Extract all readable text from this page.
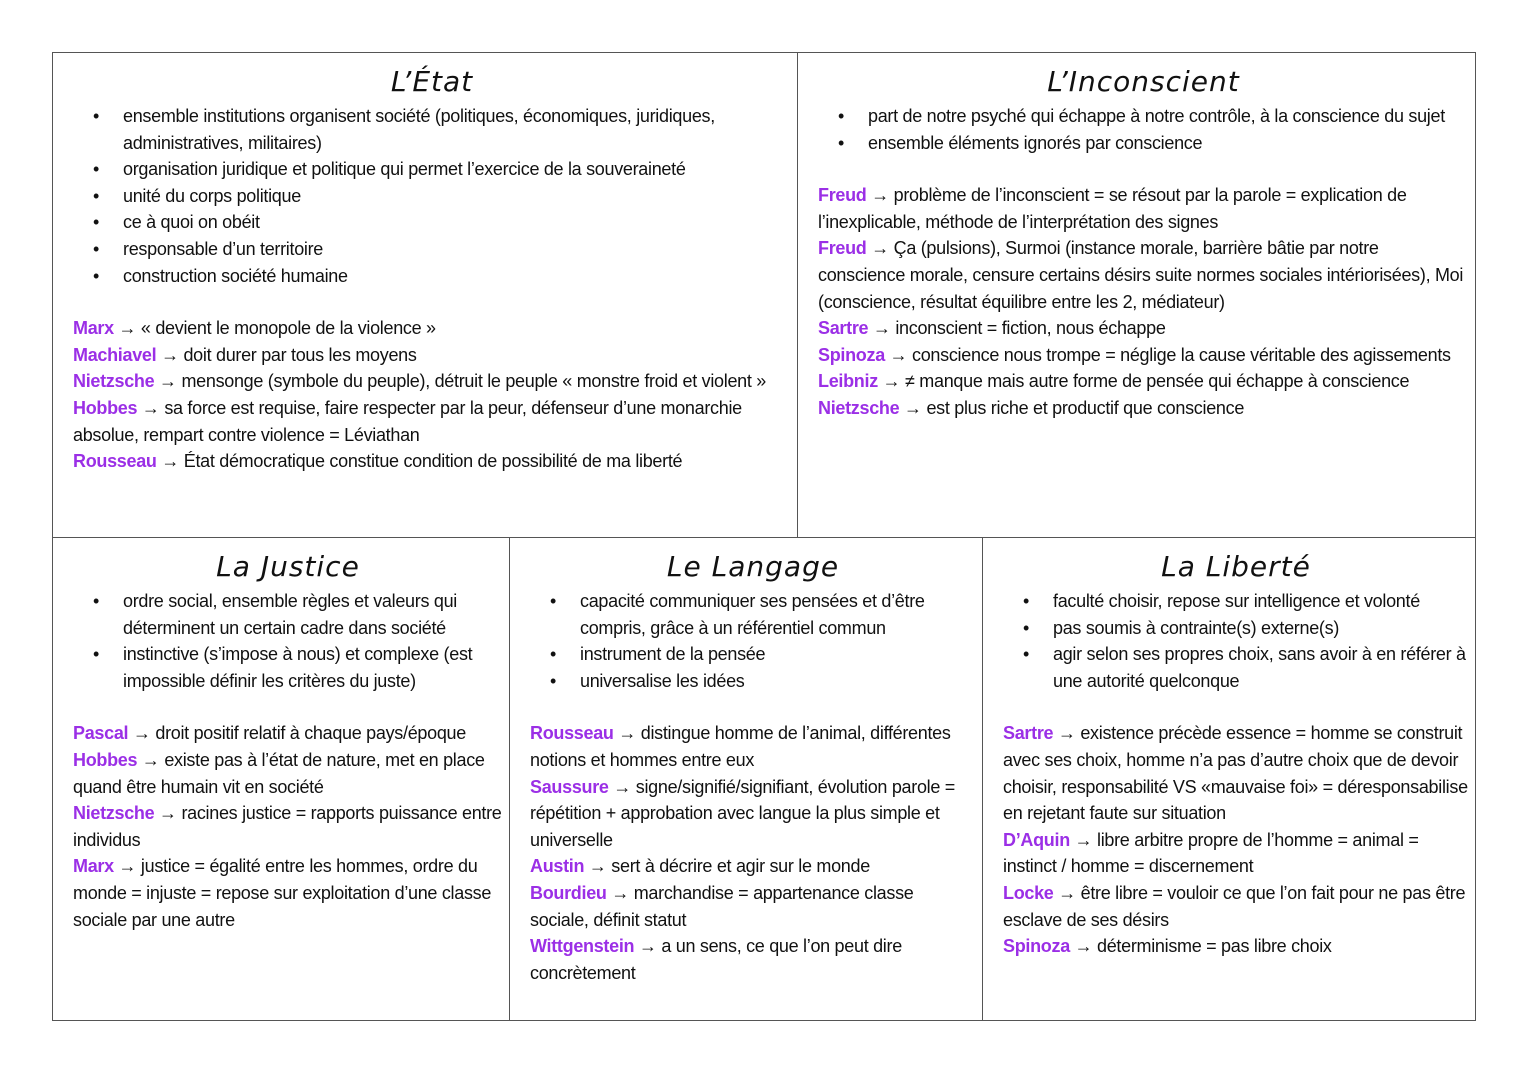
L’État
• ensemble institutions organisent société (politiques, économiques, juridiques, administratives, militaires)
• organisation juridique et politique qui permet l’exercice de la souveraineté
• unité du corps politique
• ce à quoi on obéit
• responsable d’un territoire
• construction société humaine
Marx → « devient le monopole de la violence »
Machiavel → doit durer par tous les moyens
Nietzsche → mensonge (symbole du peuple), détruit le peuple « monstre froid et violent »
Hobbes → sa force est requise, faire respecter par la peur, défenseur d’une monarchie absolue, rempart contre violence = Léviathan
Rousseau → État démocratique constitue condition de possibilité de ma liberté
L’Inconscient
• part de notre psyché qui échappe à notre contrôle, à la conscience du sujet
• ensemble éléments ignorés par conscience
Freud → problème de l’inconscient = se résout par la parole = explication de l’inexplicable, méthode de l’interprétation des signes
Freud → Ça (pulsions), Surmoi (instance morale, barrière bâtie par notre conscience morale, censure certains désirs suite normes sociales intériorisées), Moi (conscience, résultat équilibre entre les 2, médiateur)
Sartre → inconscient = fiction, nous échappe
Spinoza → conscience nous trompe = néglige la cause véritable des agissements
Leibniz → ≠ manque mais autre forme de pensée qui échappe à conscience
Nietzsche → est plus riche et productif que conscience
La Justice
• ordre social, ensemble règles et valeurs qui déterminent un certain cadre dans société
• instinctive (s’impose à nous) et complexe (est impossible définir les critères du juste)
Pascal → droit positif relatif à chaque pays/époque
Hobbes → existe pas à l’état de nature, met en place quand être humain vit en société
Nietzsche → racines justice = rapports puissance entre individus
Marx → justice = égalité entre les hommes, ordre du monde = injuste = repose sur exploitation d’une classe sociale par une autre
Le Langage
• capacité communiquer ses pensées et d’être compris, grâce à un référentiel commun
• instrument de la pensée
• universalise les idées
Rousseau → distingue homme de l’animal, différentes notions et hommes entre eux
Saussure → signe/signifié/signifiant, évolution parole = répétition + approbation avec langue la plus simple et universelle
Austin → sert à décrire et agir sur le monde
Bourdieu → marchandise = appartenance classe sociale, définit statut
Wittgenstein → a un sens, ce que l’on peut dire concrètement
La Liberté
• faculté choisir, repose sur intelligence et volonté
• pas soumis à contrainte(s) externe(s)
• agir selon ses propres choix, sans avoir à en référer à une autorité quelconque
Sartre → existence précède essence = homme se construit avec ses choix, homme n’a pas d’autre choix que de devoir choisir, responsabilité VS «mauvaise foi» = déresponsabilise en rejetant faute sur situation
D’Aquin → libre arbitre propre de l’homme = animal = instinct / homme = discernement
Locke → être libre = vouloir ce que l’on fait pour ne pas être esclave de ses désirs
Spinoza → déterminisme = pas libre choix
